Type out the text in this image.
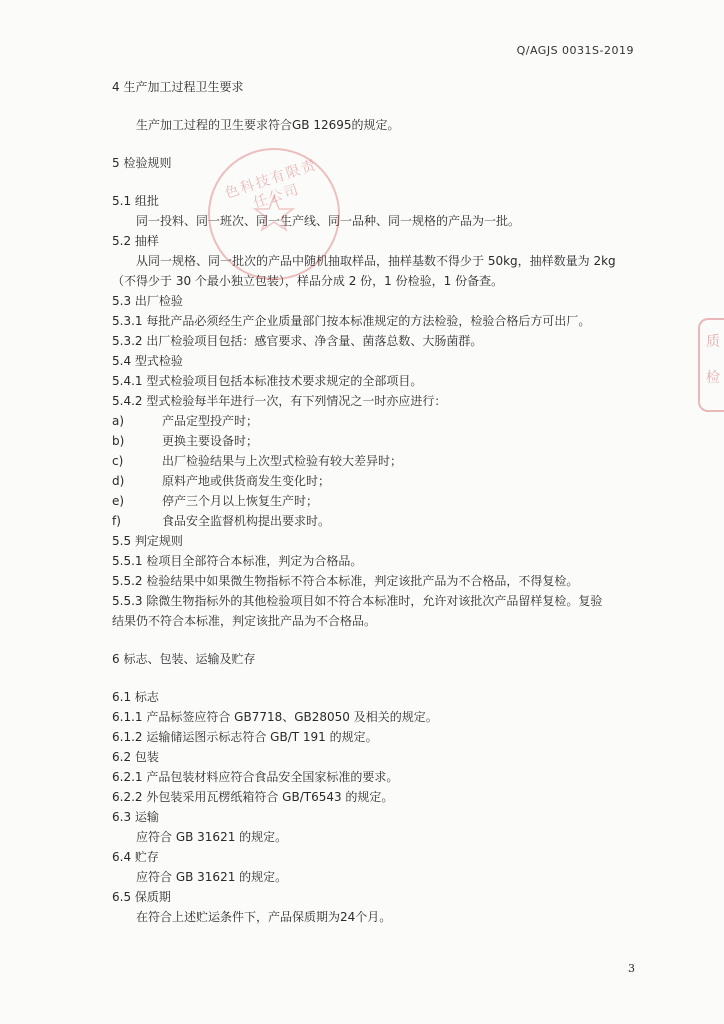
Q/AGJS 0031S-2019
4 生产加工过程卫生要求
生产加工过程的卫生要求符合GB 12695的规定。
5 检验规则
5.1 组批
同一投料、同一班次、同一生产线、同一品种、同一规格的产品为一批。
5.2 抽样
从同一规格、同一批次的产品中随机抽取样品，抽样基数不得少于 50kg，抽样数量为 2kg
（不得少于 30 个最小独立包装），样品分成 2 份，1 份检验，1 份备查。
5.3 出厂检验
5.3.1 每批产品必须经生产企业质量部门按本标准规定的方法检验，检验合格后方可出厂。
5.3.2 出厂检验项目包括：感官要求、净含量、菌落总数、大肠菌群。
5.4 型式检验
5.4.1 型式检验项目包括本标准技术要求规定的全部项目。
5.4.2 型式检验每半年进行一次，有下列情况之一时亦应进行：
a)	产品定型投产时；
b)	更换主要设备时；
c)	出厂检验结果与上次型式检验有较大差异时；
d)	原料产地或供货商发生变化时；
e)	停产三个月以上恢复生产时；
f)	食品安全监督机构提出要求时。
5.5 判定规则
5.5.1 检项目全部符合本标准，判定为合格品。
5.5.2 检验结果中如果微生物指标不符合本标准，判定该批产品为不合格品，不得复检。
5.5.3 除微生物指标外的其他检验项目如不符合本标准时，允许对该批次产品留样复检。复验
结果仍不符合本标准，判定该批产品为不合格品。
6 标志、包装、运输及贮存
6.1 标志
6.1.1 产品标签应符合 GB7718、GB28050 及相关的规定。
6.1.2 运输储运图示标志符合 GB/T 191 的规定。
6.2 包装
6.2.1 产品包装材料应符合食品安全国家标准的要求。
6.2.2 外包装采用瓦楞纸箱符合 GB/T6543 的规定。
6.3 运输
应符合 GB 31621 的规定。
6.4 贮存
应符合 GB 31621 的规定。
6.5 保质期
在符合上述贮运条件下，产品保质期为24个月。
3
色科技有限责任公司
质
检
